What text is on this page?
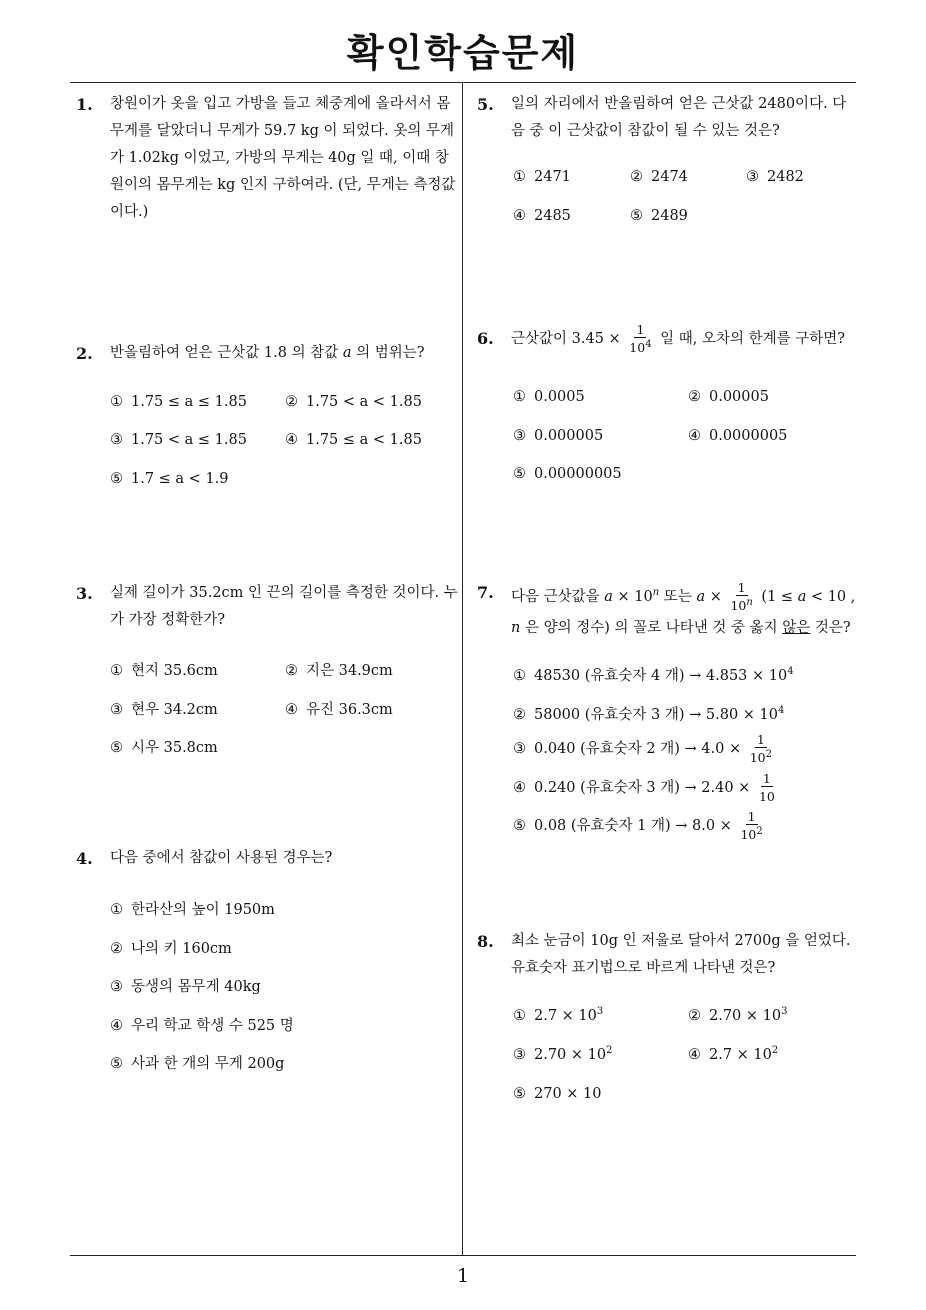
확인학습문제
1
1. 창원이가 옷을 입고 가방을 들고 체중계에 올라서서 몸무게를 달았더니 무게가 59.7 kg 이 되었다. 옷의 무게가 1.02kg 이었고, 가방의 무게는 40g 일 때, 이때 창원이의 몸무게는 kg 인지 구하여라. (단, 무게는 측정값이다.)
2. 반올림하여 얻은 근삿값 1.8 의 참값 a 의 범위는?
① 1.75 ≤ a ≤ 1.85	② 1.75 < a < 1.85
③ 1.75 < a ≤ 1.85	④ 1.75 ≤ a < 1.85
⑤ 1.7 ≤ a < 1.9
3. 실제 길이가 35.2cm 인 끈의 길이를 측정한 것이다. 누가 가장 정확한가?
① 현지 35.6cm	② 지은 34.9cm
③ 현우 34.2cm	④ 유진 36.3cm
⑤ 시우 35.8cm
4. 다음 중에서 참값이 사용된 경우는?
① 한라산의 높이 1950m
② 나의 키 160cm
③ 동생의 몸무게 40kg
④ 우리 학교 학생 수 525 명
⑤ 사과 한 개의 무게 200g
5. 일의 자리에서 반올림하여 얻은 근삿값 2480이다. 다음 중 이 근삿값이 참값이 될 수 있는 것은?
① 2471	② 2474	③ 2482
④ 2485	⑤ 2489
6. 근삿값이 $3.45 \times \frac{1}{10^4}$ 일 때, 오차의 한계를 구하면?
① 0.0005	② 0.00005
③ 0.000005	④ 0.0000005
⑤ 0.00000005
7. 다음 근삿값을 $a \times 10^n$ 또는 $a \times \frac{1}{10^n} (1 \le a < 10$ , n 은 양의 정수) 의 꼴로 나타낸 것 중 옳지 않은 것은?
① 48530 (유효숫자 4 개) → $4.853 \times 10^4$
② 58000 (유효숫자 3 개) → $5.80 \times 10^4$
③ 0.040 (유효숫자 2 개) → $4.0 \times \frac{1}{10^2}$
④ 0.240 (유효숫자 3 개) → $2.40 \times \frac{1}{10}$
⑤ 0.08 (유효숫자 1 개) → $8.0 \times \frac{1}{10^2}$
8. 최소 눈금이 10g 인 저울로 달아서 2700g 을 얻었다. 유효숫자 표기법으로 바르게 나타낸 것은?
① $2.7 \times 10^3$	② $2.70 \times 10^3$
③ $2.70 \times 10^2$	④ $2.7 \times 10^2$
⑤ 270 × 10
